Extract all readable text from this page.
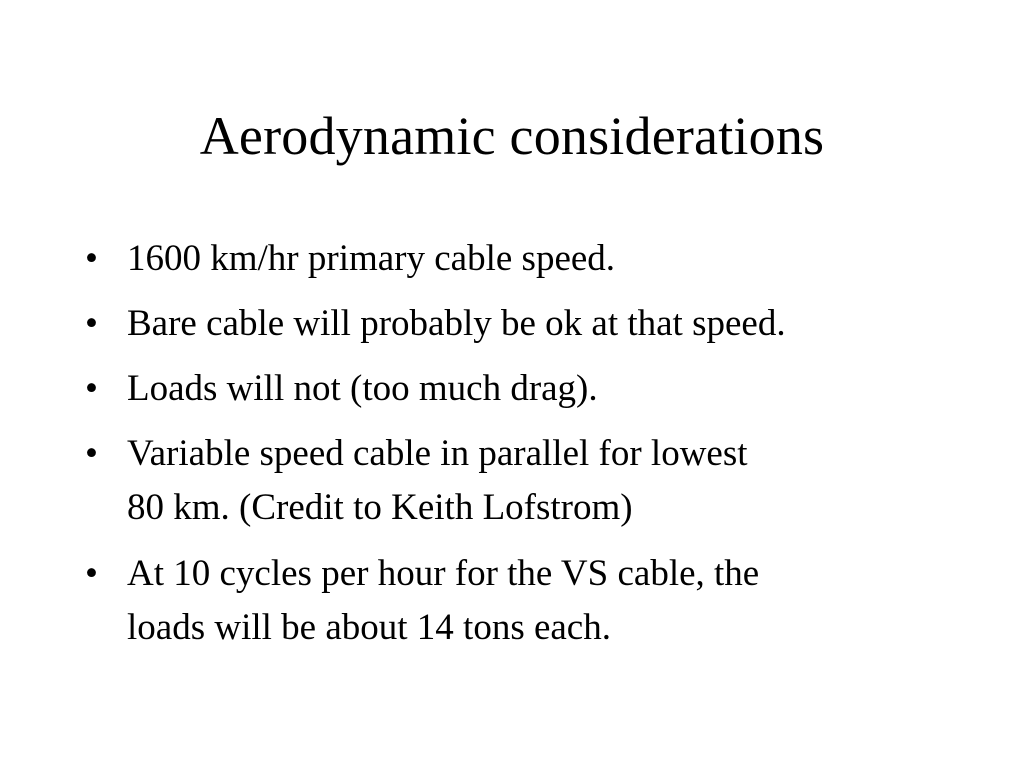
Aerodynamic considerations
• 1600 km/hr primary cable speed.
• Bare cable will probably be ok at that speed.
• Loads will not (too much drag).
• Variable speed cable in parallel for lowest
80 km. (Credit to Keith Lofstrom)
• At 10 cycles per hour for the VS cable, the
loads will be about 14 tons each.
